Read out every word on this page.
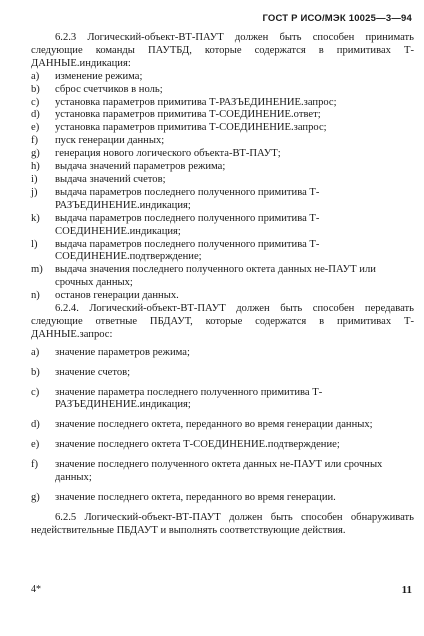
ГОСТ Р ИСО/МЭК 10025—3—94

6.2.3 Логический-объект-ВТ-ПАУТ должен быть способен принимать следующие команды ПАУТБД, которые содержатся в примитивах Т-ДАННЫЕ.индикация:

a) изменение режима;
b) сброс счетчиков в ноль;
c) установка параметров примитива Т-РАЗЪЕДИНЕНИЕ.запрос;
d) установка параметров примитива Т-СОЕДИНЕНИЕ.ответ;
e) установка параметров примитива Т-СОЕДИНЕНИЕ.запрос;
f) пуск генерации данных;
g) генерация нового логического объекта-ВТ-ПАУТ;
h) выдача значений параметров режима;
i) выдача значений счетов;
j) выдача параметров последнего полученного примитива Т-РАЗЪЕДИНЕНИЕ.индикация;
k) выдача параметров последнего полученного примитива Т-СОЕДИНЕНИЕ.индикация;
l) выдача параметров последнего полученного примитива Т-СОЕДИНЕНИЕ.подтверждение;
m) выдача значения последнего полученного октета данных не-ПАУТ или срочных данных;
n) останов генерации данных.

6.2.4. Логический-объект-ВТ-ПАУТ должен быть способен передавать следующие ответные ПБДАУТ, которые содержатся в примитивах Т-ДАННЫЕ.запрос:

a) значение параметров режима;
b) значение счетов;
c) значение параметра последнего полученного примитива Т-РАЗЪЕДИНЕНИЕ.индикация;
d) значение последнего октета, переданного во время генерации данных;
e) значение последнего октета Т-СОЕДИНЕНИЕ.подтверждение;
f) значение последнего полученного октета данных не-ПАУТ или срочных данных;
g) значение последнего октета, переданного во время генерации.

6.2.5 Логический-объект-ВТ-ПАУТ должен быть способен обнаруживать недействительные ПБДАУТ и выполнять соответствующие действия.

4*	11
